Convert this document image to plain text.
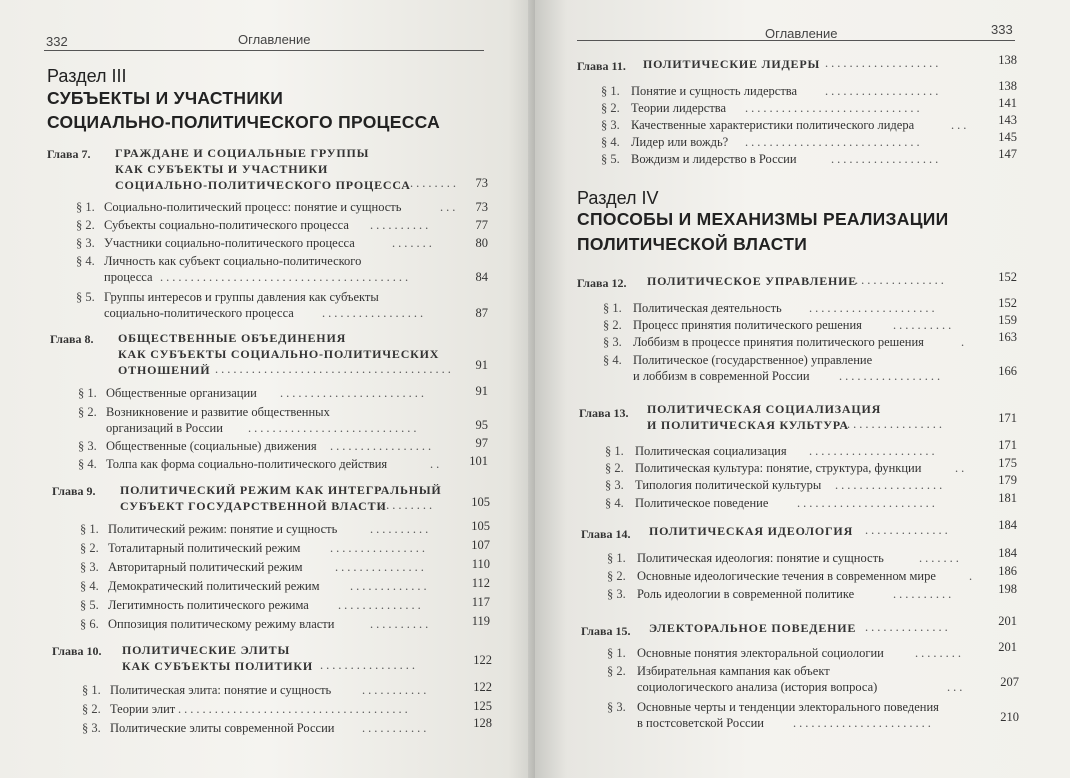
332	Оглавление
Раздел III
СУБЪЕКТЫ И УЧАСТНИКИ
СОЦИАЛЬНО-ПОЛИТИЧЕСКОГО ПРОЦЕССА
Глава 7. ГРАЖДАНЕ И СОЦИАЛЬНЫЕ ГРУППЫ
КАК СУБЪЕКТЫ И УЧАСТНИКИ
СОЦИАЛЬНО-ПОЛИТИЧЕСКОГО ПРОЦЕССА ........	73
§ 1. Социально-политический процесс: понятие и сущность	...	73
§ 2. Субъекты социально-политического процесса ..........	77
§ 3. Участники социально-политического процесса	.......	80
§ 4. Личность как субъект социально-политического
процесса .........................................	84
§ 5. Группы интересов и группы давления как субъекты
социально-политического процесса .................	87
Глава 8. ОБЩЕСТВЕННЫЕ ОБЪЕДИНЕНИЯ
КАК СУБЪЕКТЫ СОЦИАЛЬНО-ПОЛИТИЧЕСКИХ
ОТНОШЕНИЙ .......................................	91
§ 1. Общественные организации ........................	91
§ 2. Возникновение и развитие общественных
организаций в России ............................	95
§ 3. Общественные (социальные) движения .................	97
§ 4. Толпа как форма социально-политического действия	..	101
Глава 9. ПОЛИТИЧЕСКИЙ РЕЖИМ КАК ИНТЕГРАЛЬНЫЙ
СУБЪЕКТ ГОСУДАРСТВЕННОЙ ВЛАСТИ
.........	105
§ 1. Политический режим: понятие и сущность	..........	105
§ 2. Тоталитарный политический режим ................	107
§ 3. Авторитарный политический режим	...............	110
§ 4. Демократический политический режим .............	112
§ 5. Легитимность политического режима ..............	117
§ 6. Оппозиция политическому режиму власти	..........	119
Глава 10. ПОЛИТИЧЕСКИЕ ЭЛИТЫ
КАК СУБЪЕКТЫ ПОЛИТИКИ ................	122
§ 1. Политическая элита: понятие и сущность ...........	122
§ 2. Теории элит ......................................	125
§ 3. Политические элиты современной России ...........	128
Оглавление	333
Глава 11. ПОЛИТИЧЕСКИЕ ЛИДЕРЫ ...................	138
§ 1. Понятие и сущность лидерства ...................	138
§ 2. Теории лидерства .............................	141
§ 3. Качественные характеристики политического лидера	...	143
§ 4. Лидер или вождь? .............................	145
§ 5. Вождизм и лидерство в России	..................	147
Раздел IV
СПОСОБЫ И МЕХАНИЗМЫ РЕАЛИЗАЦИИ
ПОЛИТИЧЕСКОЙ ВЛАСТИ
Глава 12. ПОЛИТИЧЕСКОЕ УПРАВЛЕНИЕ
...............	152
§ 1. Политическая деятельность .....................	152
§ 2. Процесс принятия политического решения ..........	159
§ 3. Лоббизм в процессе принятия политического решения	.	163
§ 4. Политическое (государственное) управление
и лоббизм в современной России .................	166
Глава 13. ПОЛИТИЧЕСКАЯ СОЦИАЛИЗАЦИЯ
И ПОЛИТИЧЕСКАЯ КУЛЬТУРА
................	171
§ 1. Политическая социализация .....................	171
§ 2. Политическая культура: понятие, структура, функции	..	175
§ 3. Типология политической культуры ..................	179
§ 4. Политическое поведение .......................	181
Глава 14. ПОЛИТИЧЕСКАЯ ИДЕОЛОГИЯ ..............	184
§ 1. Политическая идеология: понятие и сущность	.......	184
§ 2. Основные идеологические течения в современном мире	.	186
§ 3. Роль идеологии в современной политике	..........	198
Глава 15. ЭЛЕКТОРАЛЬНОЕ ПОВЕДЕНИЕ ..............	201
§ 1. Основные понятия электоральной социологии ........	201
§ 2. Избирательная кампания как объект
социологического анализа (история вопроса)	...	207
§ 3. Основные черты и тенденции электорального поведения
в постсоветской России .......................	210
